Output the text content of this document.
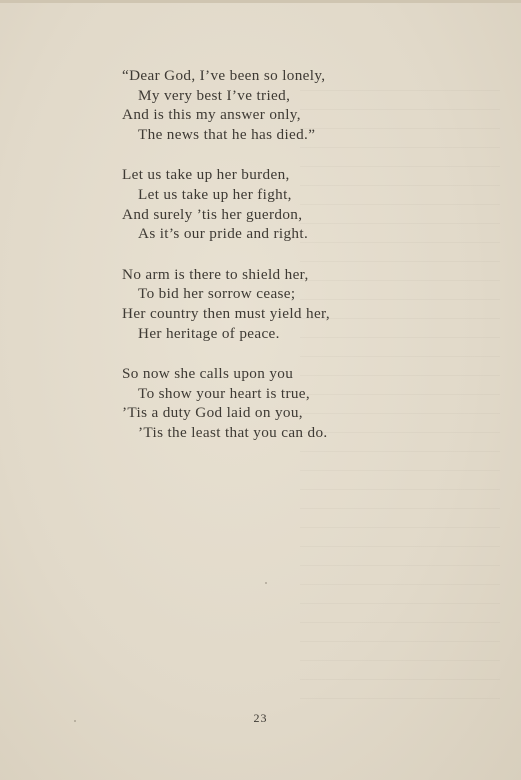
“Dear God, I’ve been so lonely,
My very best I’ve tried,
And is this my answer only,
The news that he has died.”
Let us take up her burden,
Let us take up her fight,
And surely ’tis her guerdon,
As it’s our pride and right.
No arm is there to shield her,
To bid her sorrow cease;
Her country then must yield her,
Her heritage of peace.
So now she calls upon you
To show your heart is true,
’Tis a duty God laid on you,
’Tis the least that you can do.
23
